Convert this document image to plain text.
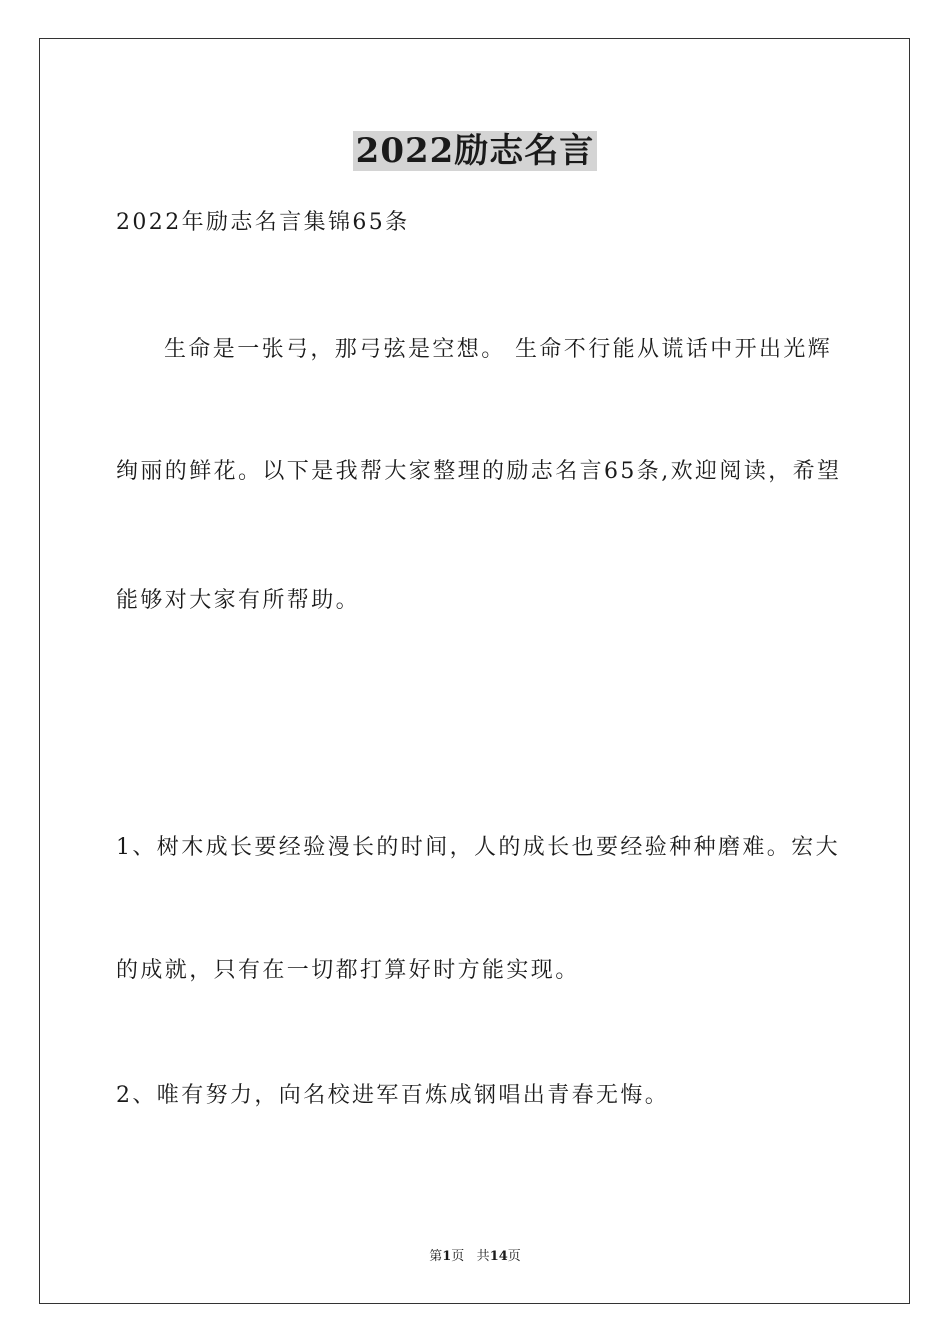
2022励志名言
2022年励志名言集锦65条
生命是一张弓，那弓弦是空想。 生命不行能从谎话中开出光辉
绚丽的鲜花。以下是我帮大家整理的励志名言65条,欢迎阅读，希望
能够对大家有所帮助。
1、树木成长要经验漫长的时间，人的成长也要经验种种磨难。宏大
的成就，只有在一切都打算好时方能实现。
2、唯有努力，向名校进军百炼成钢唱出青春无悔。
第1页 共14页
